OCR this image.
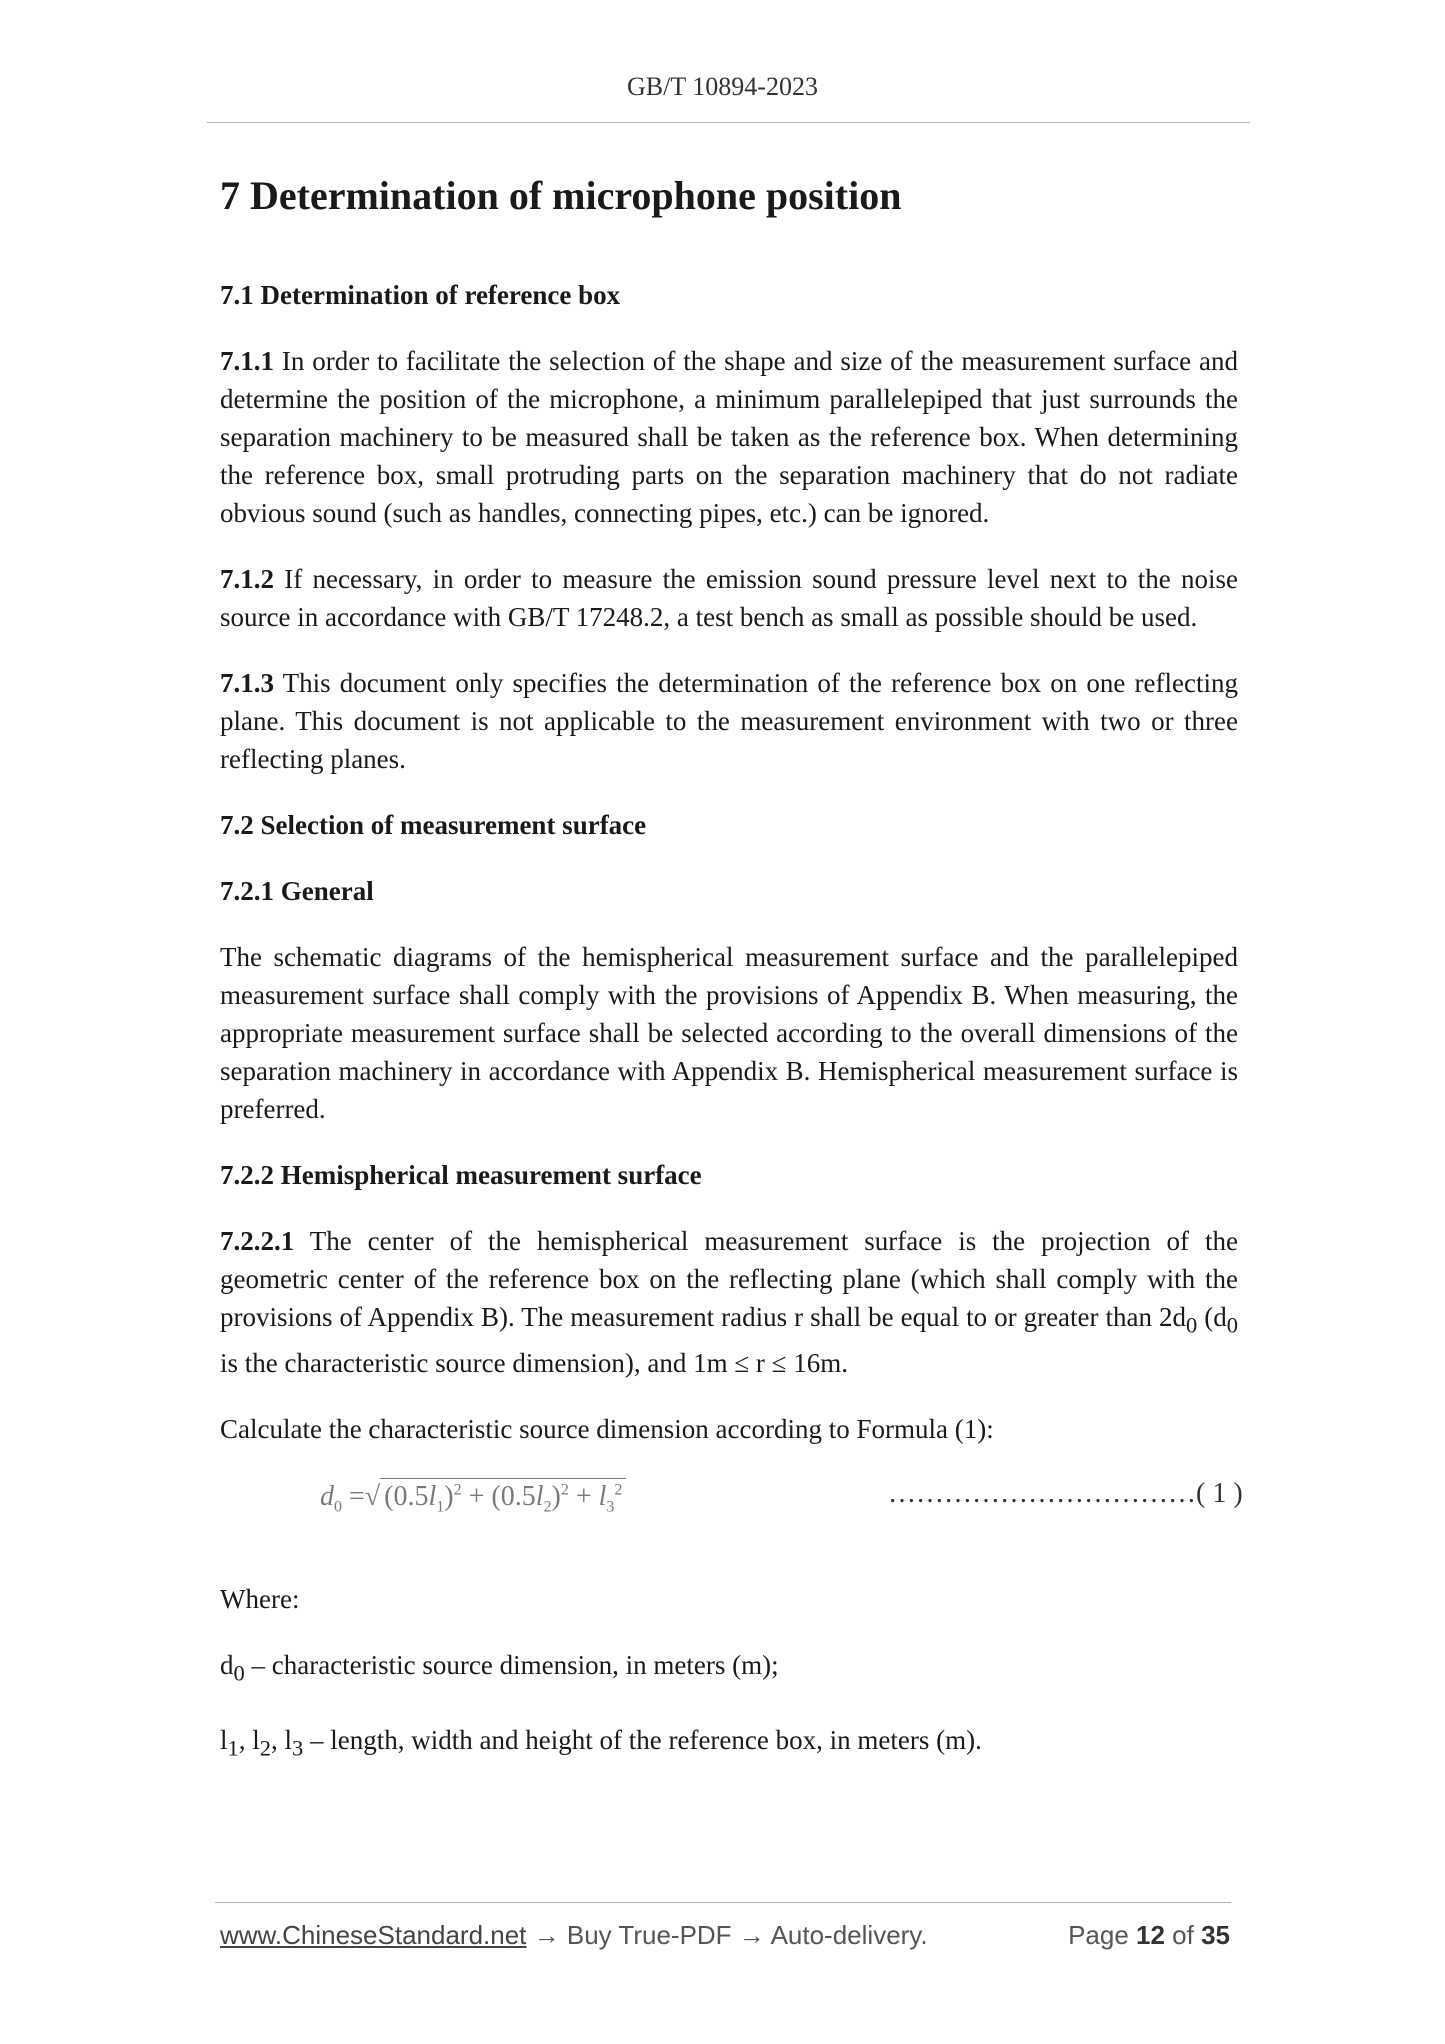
GB/T 10894-2023
7 Determination of microphone position
7.1 Determination of reference box

7.1.1 In order to facilitate the selection of the shape and size of the measurement surface and determine the position of the microphone, a minimum parallelepiped that just surrounds the separation machinery to be measured shall be taken as the reference box. When determining the reference box, small protruding parts on the separation machinery that do not radiate obvious sound (such as handles, connecting pipes, etc.) can be ignored.

7.1.2 If necessary, in order to measure the emission sound pressure level next to the noise source in accordance with GB/T 17248.2, a test bench as small as possible should be used.

7.1.3 This document only specifies the determination of the reference box on one reflecting plane. This document is not applicable to the measurement environment with two or three reflecting planes.

7.2 Selection of measurement surface
7.2.1 General

The schematic diagrams of the hemispherical measurement surface and the parallelepiped measurement surface shall comply with the provisions of Appendix B. When measuring, the appropriate measurement surface shall be selected according to the overall dimensions of the separation machinery in accordance with Appendix B. Hemispherical measurement surface is preferred.

7.2.2 Hemispherical measurement surface

7.2.2.1 The center of the hemispherical measurement surface is the projection of the geometric center of the reference box on the reflecting plane (which shall comply with the provisions of Appendix B). The measurement radius r shall be equal to or greater than $2d_0$ ($d_0$ is the characteristic source dimension), and 1m ≤ r ≤ 16m.

Calculate the characteristic source dimension according to Formula (1):

$d_0$ =√ $(0.5l_1)^2 + (0.5l_2)^2 + l_3^2$	……………………………( 1 )

Where:

$d_0$ – characteristic source dimension, in meters (m);

$l_1$, $l_2$, $l_3$ – length, width and height of the reference box, in meters (m).

www.ChineseStandard.net → Buy True-PDF → Auto-delivery.	Page 12 of 35
